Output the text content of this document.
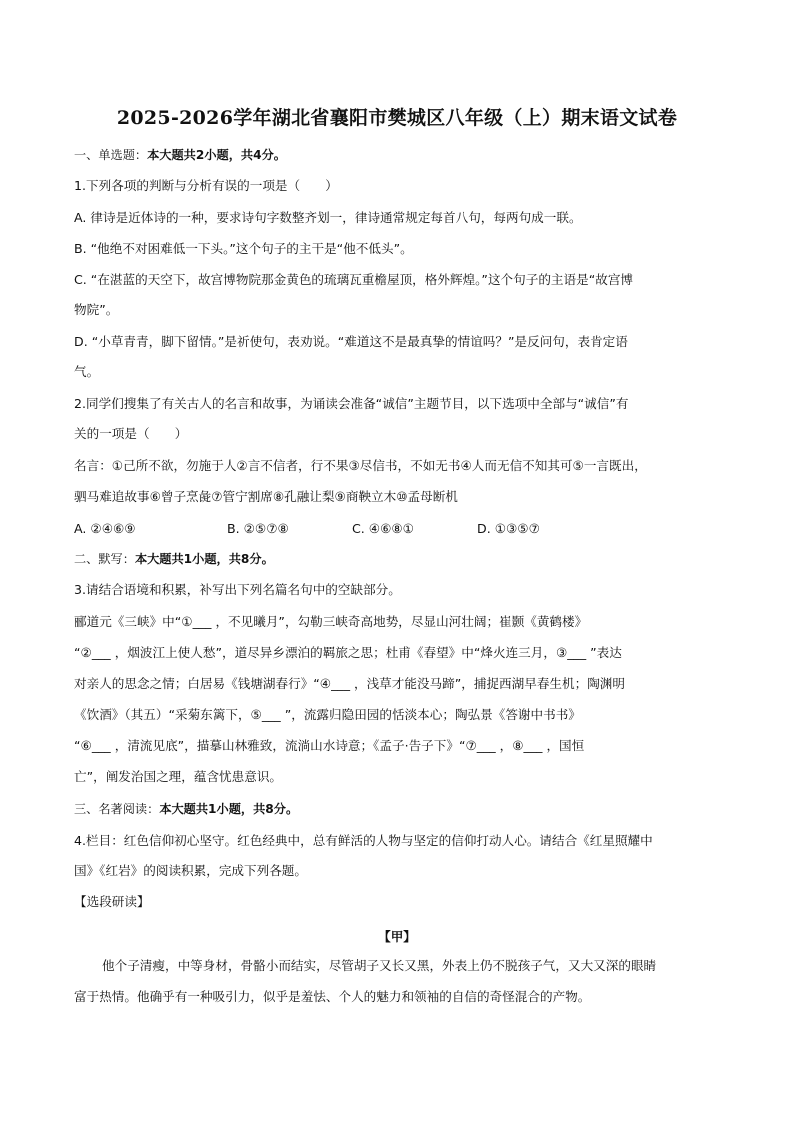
2025-2026学年湖北省襄阳市樊城区八年级（上）期末语文试卷
一、单选题：本大题共2小题，共4分。
1.下列各项的判断与分析有误的一项是（　　）
A. 律诗是近体诗的一种，要求诗句字数整齐划一，律诗通常规定每首八句，每两句成一联。
B. “他绝不对困难低一下头。”这个句子的主干是“他不低头”。
C. “在湛蓝的天空下，故宫博物院那金黄色的琉璃瓦重檐屋顶，格外辉煌。”这个句子的主语是“故宫博
物院”。
D. “小草青青，脚下留情。”是祈使句，表劝说。“难道这不是最真挚的情谊吗？”是反问句，表肯定语
气。
2.同学们搜集了有关古人的名言和故事，为诵读会准备“诚信”主题节目，以下选项中全部与“诚信”有
关的一项是（　　）
名言：①己所不欲，勿施于人②言不信者，行不果③尽信书，不如无书④人而无信不知其可⑤一言既出，
驷马难追故事⑥曾子烹彘⑦管宁割席⑧孔融让梨⑨商鞅立木⑩孟母断机
A. ②④⑥⑨	B. ②⑤⑦⑧	C. ④⑥⑧①	D. ①③⑤⑦
二、默写：本大题共1小题，共8分。
3.请结合语境和积累，补写出下列名篇名句中的空缺部分。
郦道元《三峡》中“①___ ，不见曦月”，勾勒三峡奇高地势，尽显山河壮阔；崔颢《黄鹤楼》
“②___ ，烟波江上使人愁”，道尽异乡漂泊的羁旅之思；杜甫《春望》中“烽火连三月，③___ ”表达
对亲人的思念之情；白居易《钱塘湖春行》“④___ ，浅草才能没马蹄”，捕捉西湖早春生机；陶渊明
《饮酒》（其五）“采菊东篱下，⑤___ ”，流露归隐田园的恬淡本心；陶弘景《答谢中书书》
“⑥___ ，清流见底”，描摹山林雅致，流淌山水诗意；《孟子·告子下》“⑦___ ，⑧___ ，国恒
亡”，阐发治国之理，蕴含忧患意识。
三、名著阅读：本大题共1小题，共8分。
4.栏目：红色信仰初心坚守。红色经典中，总有鲜活的人物与坚定的信仰打动人心。请结合《红星照耀中
国》《红岩》的阅读积累，完成下列各题。
【选段研读】
【甲】
他个子清瘦，中等身材，骨骼小而结实，尽管胡子又长又黑，外表上仍不脱孩子气，又大又深的眼睛
富于热情。他确乎有一种吸引力，似乎是羞怯、个人的魅力和领袖的自信的奇怪混合的产物。
